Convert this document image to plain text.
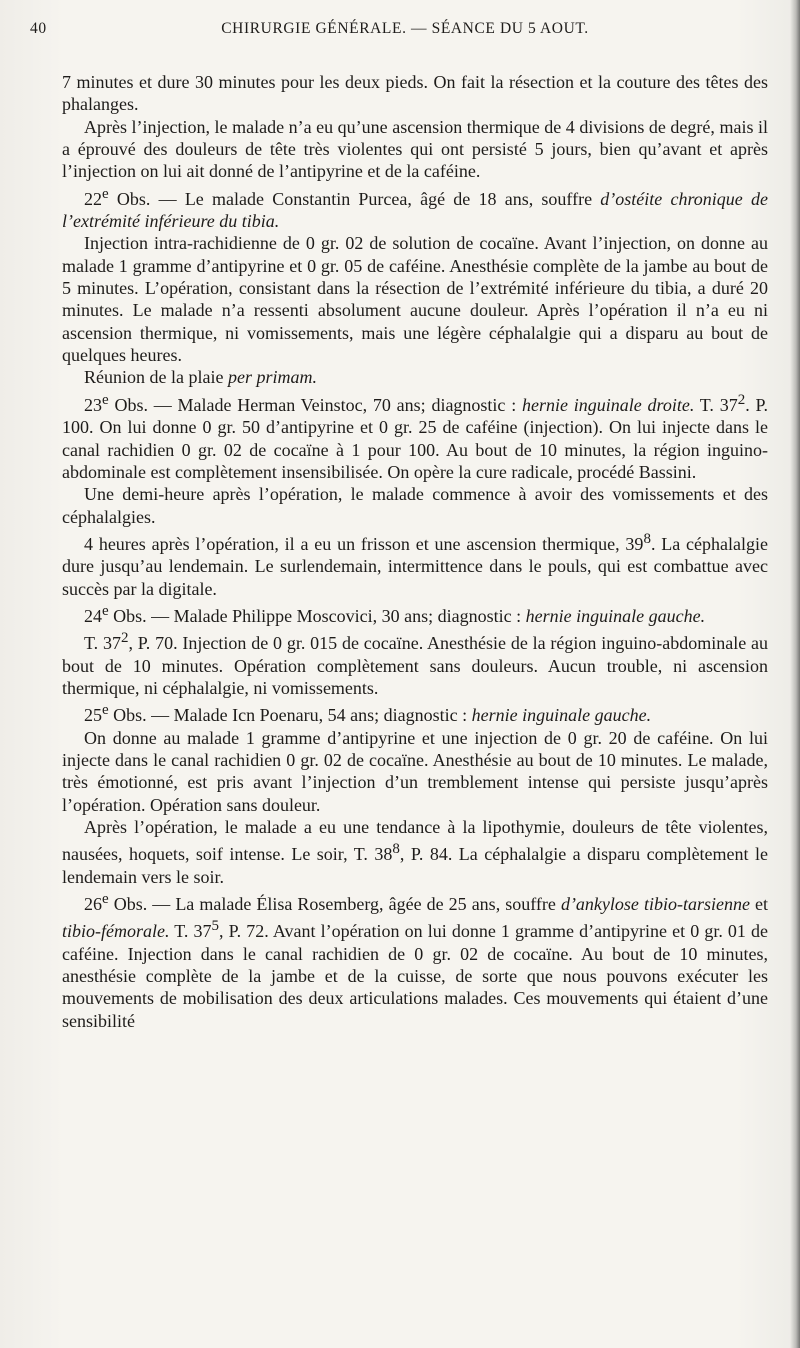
40	CHIRURGIE GÉNÉRALE. — SÉANCE DU 5 AOUT.

7 minutes et dure 30 minutes pour les deux pieds. On fait la résection et la couture des têtes des phalanges.

Après l’injection, le malade n’a eu qu’une ascension thermique de 4 divisions de degré, mais il a éprouvé des douleurs de tête très violentes qui ont persisté 5 jours, bien qu’avant et après l’injection on lui ait donné de l’antipyrine et de la caféine.

22e Obs. — Le malade Constantin Purcea, âgé de 18 ans, souffre d’ostéite chronique de l’extrémité inférieure du tibia.

Injection intra-rachidienne de 0 gr. 02 de solution de cocaïne. Avant l’injection, on donne au malade 1 gramme d’antipyrine et 0 gr. 05 de caféine. Anesthésie complète de la jambe au bout de 5 minutes. L’opération, consistant dans la résection de l’extrémité inférieure du tibia, a duré 20 minutes. Le malade n’a ressenti absolument aucune douleur. Après l’opération il n’a eu ni ascension thermique, ni vomissements, mais une légère céphalalgie qui a disparu au bout de quelques heures.

Réunion de la plaie per primam.

23e Obs. — Malade Herman Veinstoc, 70 ans; diagnostic : hernie inguinale droite. T. $37^2$. P. 100. On lui donne 0 gr. 50 d’antipyrine et 0 gr. 25 de caféine (injection). On lui injecte dans le canal rachidien 0 gr. 02 de cocaïne à 1 pour 100. Au bout de 10 minutes, la région inguino-abdominale est complètement insensibilisée. On opère la cure radicale, procédé Bassini.

Une demi-heure après l’opération, le malade commence à avoir des vomissements et des céphalalgies.

4 heures après l’opération, il a eu un frisson et une ascension thermique, $39^8$. La céphalalgie dure jusqu’au lendemain. Le surlendemain, intermittence dans le pouls, qui est combattue avec succès par la digitale.

24e Obs. — Malade Philippe Moscovici, 30 ans; diagnostic : hernie inguinale gauche.

T. $37^2$, P. 70. Injection de 0 gr. 015 de cocaïne. Anesthésie de la région inguino-abdominale au bout de 10 minutes. Opération complètement sans douleurs. Aucun trouble, ni ascension thermique, ni céphalalgie, ni vomissements.

25e Obs. — Malade Icn Poenaru, 54 ans; diagnostic : hernie inguinale gauche.

On donne au malade 1 gramme d’antipyrine et une injection de 0 gr. 20 de caféine. On lui injecte dans le canal rachidien 0 gr. 02 de cocaïne. Anesthésie au bout de 10 minutes. Le malade, très émotionné, est pris avant l’injection d’un tremblement intense qui persiste jusqu’après l’opération. Opération sans douleur.

Après l’opération, le malade a eu une tendance à la lipothymie, douleurs de tête violentes, nausées, hoquets, soif intense. Le soir, T. $38^8$, P. 84. La céphalalgie a disparu complètement le lendemain vers le soir.

26e Obs. — La malade Élisa Rosemberg, âgée de 25 ans, souffre d’ankylose tibio-tarsienne et tibio-fémorale. T. $37^5$, P. 72. Avant l’opération on lui donne 1 gramme d’antipyrine et 0 gr. 01 de caféine. Injection dans le canal rachidien de 0 gr. 02 de cocaïne. Au bout de 10 minutes, anesthésie complète de la jambe et de la cuisse, de sorte que nous pouvons exécuter les mouvements de mobilisation des deux articulations malades. Ces mouvements qui étaient d’une sensibilité
